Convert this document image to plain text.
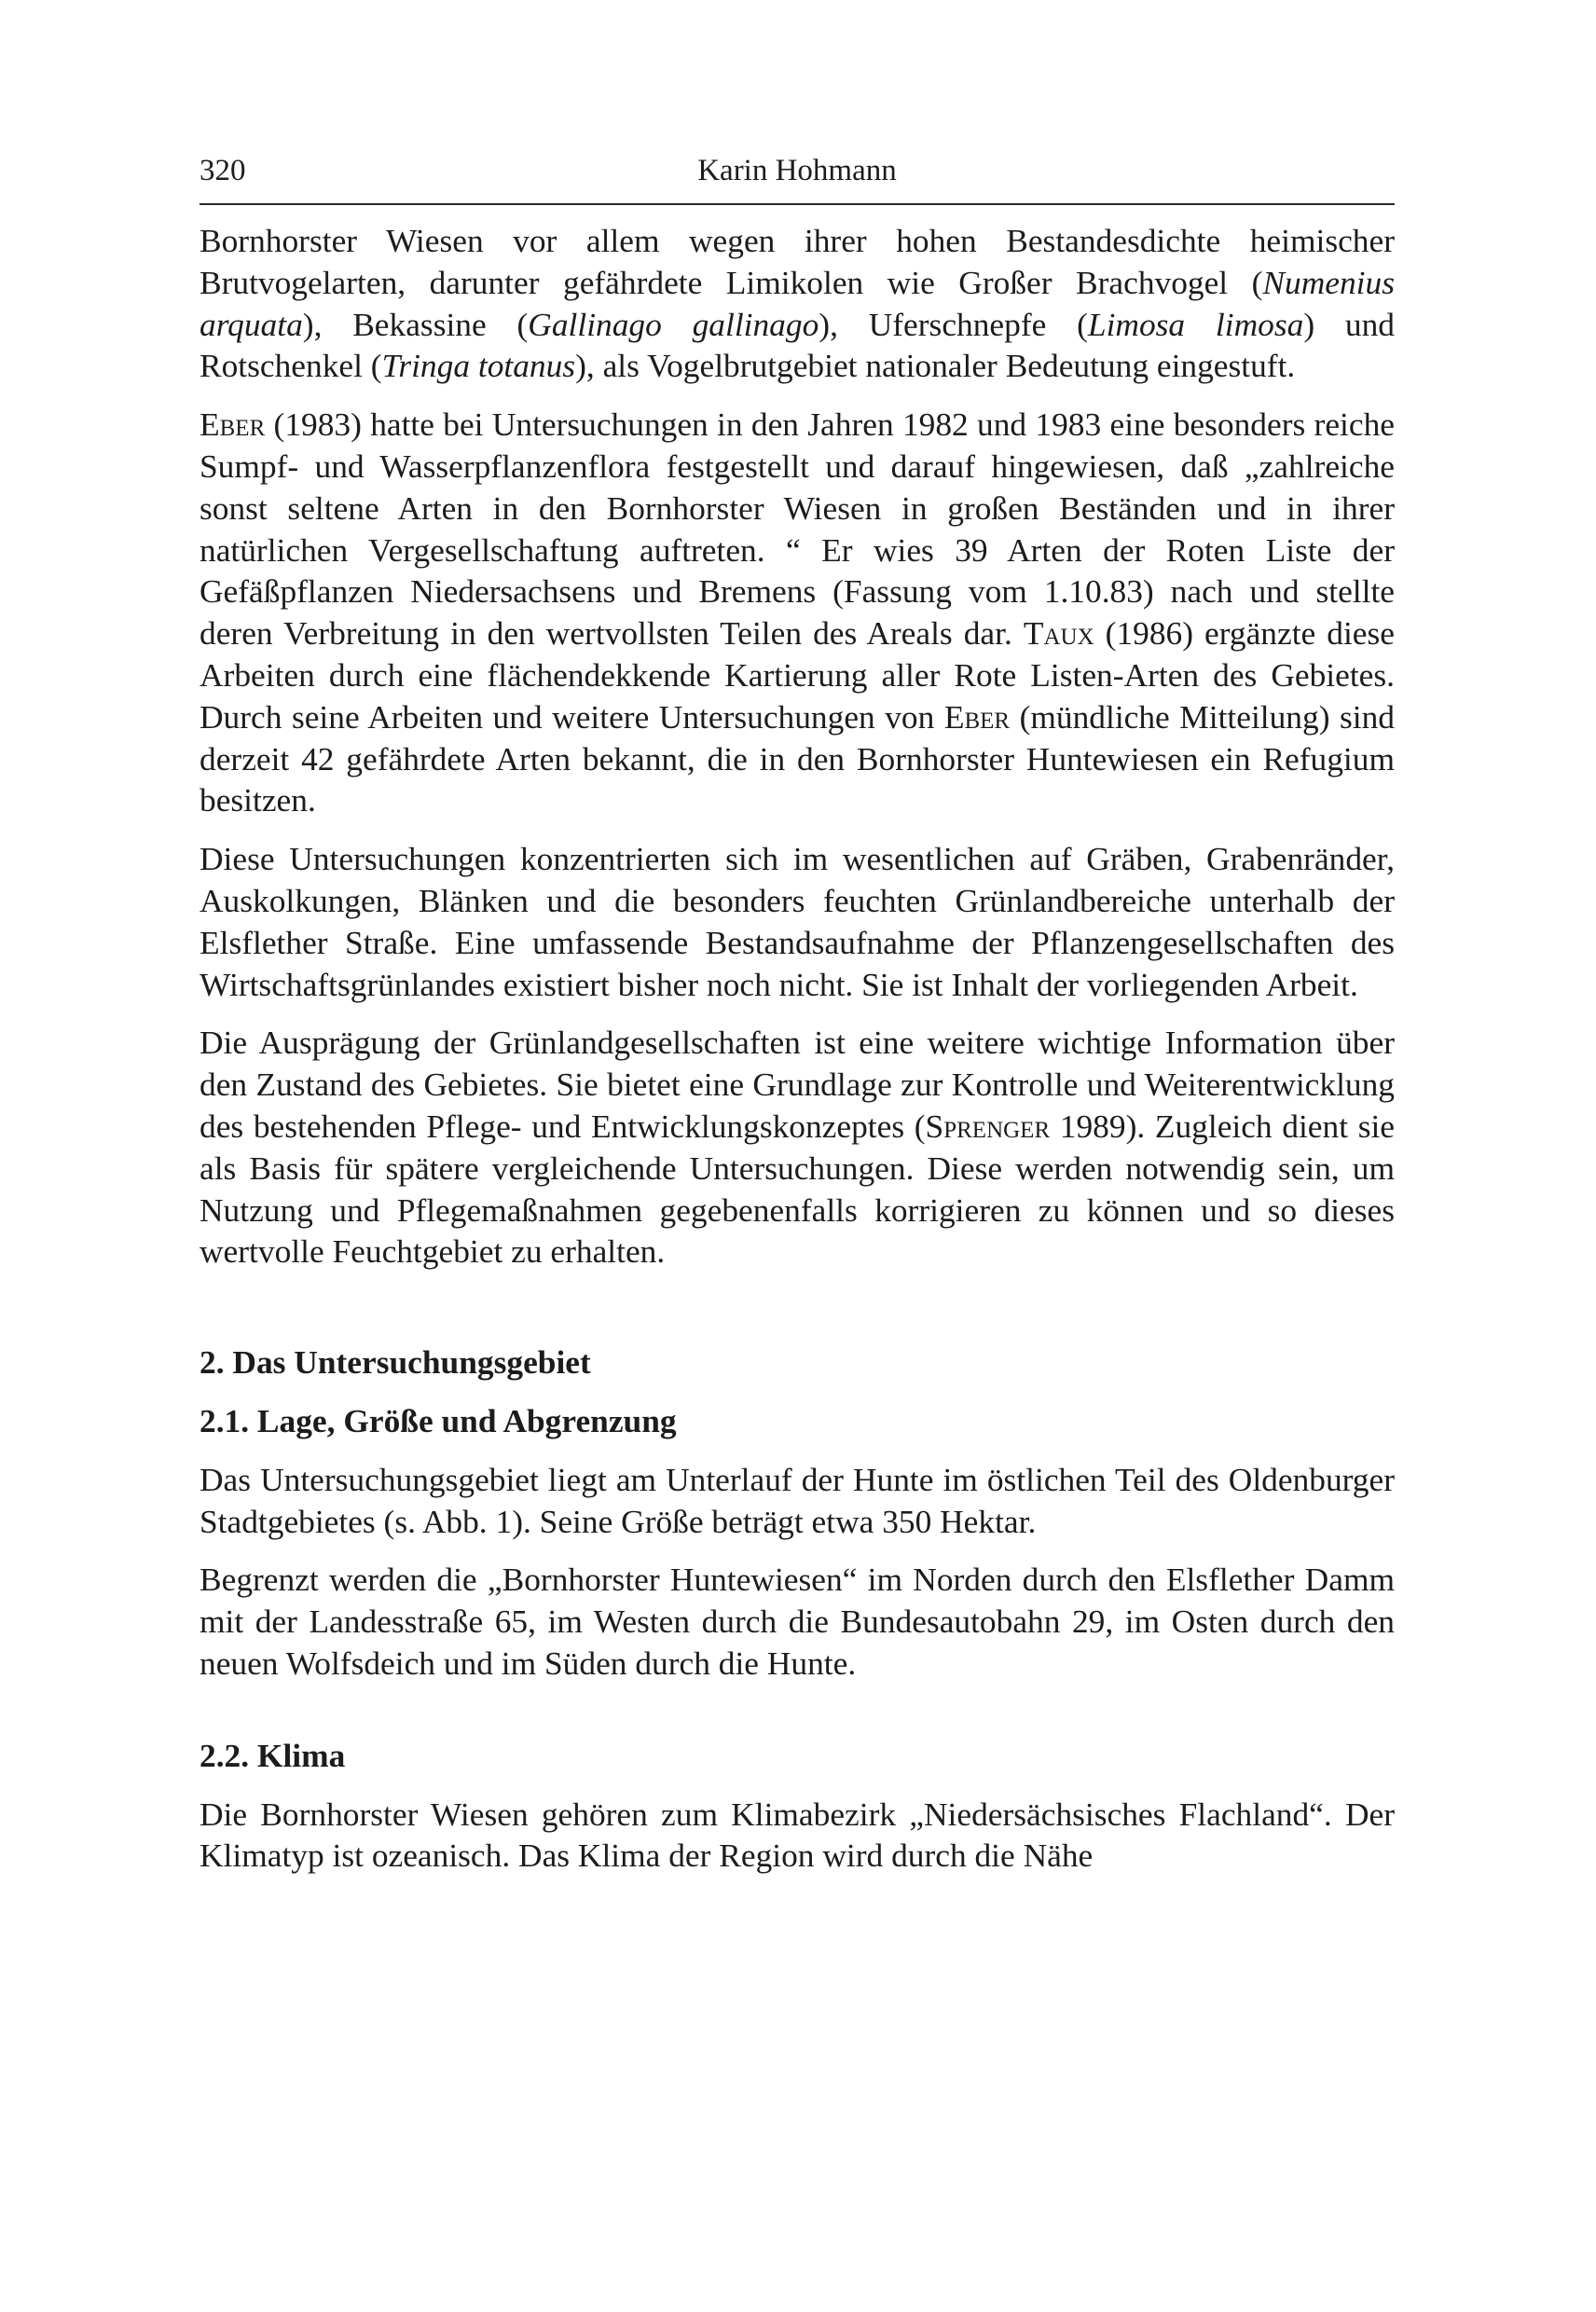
320	Karin Hohmann

Bornhorster Wiesen vor allem wegen ihrer hohen Bestandesdichte heimischer Brutvogelarten, darunter gefährdete Limikolen wie Großer Brachvogel (Numenius arquata), Bekassine (Gallinago gallinago), Uferschnepfe (Limosa limosa) und Rotschenkel (Tringa totanus), als Vogelbrutgebiet nationaler Bedeutung eingestuft.

Eber (1983) hatte bei Untersuchungen in den Jahren 1982 und 1983 eine besonders reiche Sumpf- und Wasserpflanzenflora festgestellt und darauf hingewiesen, daß „zahlreiche sonst seltene Arten in den Bornhorster Wiesen in großen Beständen und in ihrer natürlichen Vergesellschaftung auftreten. “ Er wies 39 Arten der Roten Liste der Gefäßpflanzen Niedersachsens und Bremens (Fassung vom 1.10.83) nach und stellte deren Verbreitung in den wertvollsten Teilen des Areals dar. Taux (1986) ergänzte diese Arbeiten durch eine flächendekkende Kartierung aller Rote Listen-Arten des Gebietes. Durch seine Arbeiten und weitere Untersuchungen von Eber (mündliche Mitteilung) sind derzeit 42 gefährdete Arten bekannt, die in den Bornhorster Huntewiesen ein Refugium besitzen.

Diese Untersuchungen konzentrierten sich im wesentlichen auf Gräben, Grabenränder, Auskolkungen, Blänken und die besonders feuchten Grünlandbereiche unterhalb der Elsflether Straße. Eine umfassende Bestandsaufnahme der Pflanzengesellschaften des Wirtschaftsgrünlandes existiert bisher noch nicht. Sie ist Inhalt der vorliegenden Arbeit.

Die Ausprägung der Grünlandgesellschaften ist eine weitere wichtige Information über den Zustand des Gebietes. Sie bietet eine Grundlage zur Kontrolle und Weiterentwicklung des bestehenden Pflege- und Entwicklungskonzeptes (Sprenger 1989). Zugleich dient sie als Basis für spätere vergleichende Untersuchungen. Diese werden notwendig sein, um Nutzung und Pflegemaßnahmen gegebenenfalls korrigieren zu können und so dieses wertvolle Feuchtgebiet zu erhalten.

2. Das Untersuchungsgebiet
2.1. Lage, Größe und Abgrenzung

Das Untersuchungsgebiet liegt am Unterlauf der Hunte im östlichen Teil des Oldenburger Stadtgebietes (s. Abb. 1). Seine Größe beträgt etwa 350 Hektar.

Begrenzt werden die „Bornhorster Huntewiesen“ im Norden durch den Elsflether Damm mit der Landesstraße 65, im Westen durch die Bundesautobahn 29, im Osten durch den neuen Wolfsdeich und im Süden durch die Hunte.

2.2. Klima

Die Bornhorster Wiesen gehören zum Klimabezirk „Niedersächsisches Flachland“. Der Klimatyp ist ozeanisch. Das Klima der Region wird durch die Nähe
